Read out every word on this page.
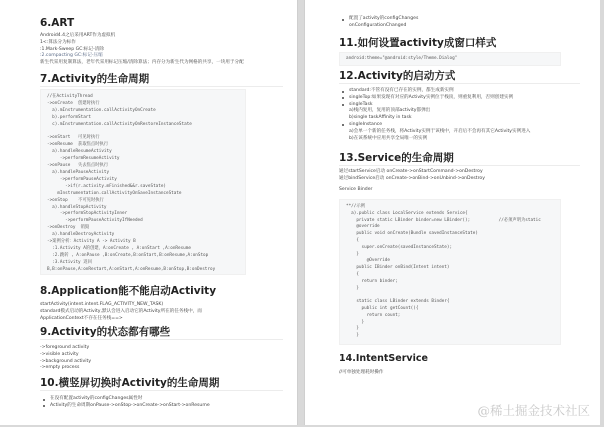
6.ART

Android4.4之后采用ART作为虚拟机

1<:算法分为标作

:1.Mark-Sweep GC:标记-清除

:2.compacting GC:标记-压缩

新生代采用复制算法，老年代采用标记压缩/清除算法；内存分为新生代为网格的共享，一块用于分配

7.Activity的生命周期
//在ActivityThread
->onCreate  创建时执行
a).mInstrumentation.callActivityOnCreate
b).performStart
c).mInstrumentation.callActivityOnRestoreInstanceState

->onStart   可见时执行
->onResume  获取焦点时执行
a).handleResumeActivity
->performResumeActivity
->onPause   失去焦点时执行
a).handlePauseActivity
->performPauseActivity
->if(r.activity.mFinished&&r.saveState)
mInstrumentation.callActivityOnSaveInstanceState
->onStop    不可见时执行
a).handleStopActivity
->performStopActivityInner
->performPauseActivityIfNeeded
->onDestroy  销毁
a).handleDestroyActivity
->案例分析：Activity A -> Activity B
:1.Activity A的创建，A:onCreate , A:onStart ,A:onResume
:2.跳转 , A:onPause ,B:onCreate,B:onStart,B:onResume,A:onStop
:3.Activity 返回
B,B:onPause,A:onRestart,A:onStart,A:onResume,B:onStop,B:onDestroy
8.Application能不能启动Activity

startActivity(intent.intent.FLAG_ACTIVITY_NEW_TASK)

standard模式启动的Activity,默认会进入启动它的Activity所在的任务栈中，而

ApplicationContext不存在任务栈==>

9.Activity的状态都有哪些

->foreground activity

->visible activity

->background activity

->empty process

10.横竖屏切换时Activity的生命周期
在没有配置activity的configChanges属性时
Activity的生命周期onPause->onStop->onCreate->onStart->onResume
配置了activity的configChanges

onConfigurationChanged

11.如何设置activity成窗口样式
android:theme="@android:style/Theme.Dialog"
12.Activity的启动方式
standard:不管有没有已存在的实例，都生成新实例
singleTop:如果发现有对应的Activity实例位于栈顶，则重复利用，否则创建实例
singleTask
a)栈内复用，复用的顶部activity都弹出
b)single taskAffinity in task
singleInstance
a)会单一个新的任务栈，将Activity实例于该栈中，开启后不会再有其它Activity实例进入
b)在该系统中应用共享全局唯一的实例
13.Service的生命周期

通过startService启动 onCreate->onStartCommand->onDestroy

通过bindService启动 onCreate->onBind->onUnbind->onDestroy

Service Binder

**//示例
a).public class LocalService extends Service{
private static LBinder binder=new LBinder();           //必须声明为static
@override
public void onCreate(Bundle savedInstanceState)
{
super.onCreate(savedInstanceState);
}
@Override
public IBinder onBind(Intent intent)
{
return binder;
}

static class LBinder extends Binder{
public int getCount(){
return count;
}
}
}
14.IntentService

//可单独处理耗时操作

@稀土掘金技术社区
